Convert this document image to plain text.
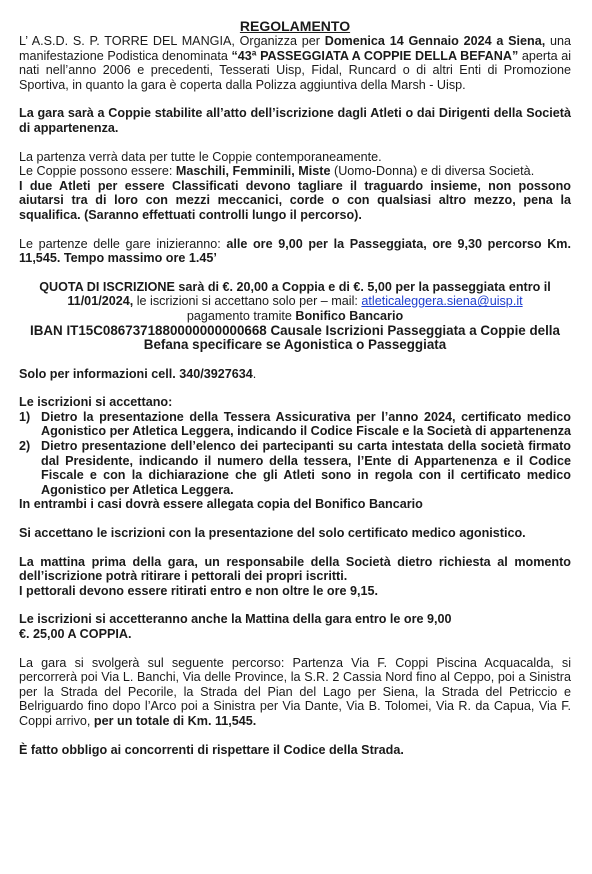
REGOLAMENTO

L’ A.S.D. S. P. TORRE DEL MANGIA, Organizza per Domenica 14 Gennaio 2024 a Siena, una manifestazione Podistica denominata “43ª PASSEGGIATA A COPPIE DELLA BEFANA” aperta ai nati nell’anno 2006 e precedenti, Tesserati Uisp, Fidal, Runcard o di altri Enti di Promozione Sportiva, in quanto la gara è coperta dalla Polizza aggiuntiva della Marsh - Uisp.

La gara sarà a Coppie stabilite all’atto dell’iscrizione dagli Atleti o dai Dirigenti della Società di appartenenza.

La partenza verrà data per tutte le Coppie contemporaneamente.

Le Coppie possono essere: Maschili, Femminili, Miste (Uomo-Donna) e di diversa Società.

I due Atleti per essere Classificati devono tagliare il traguardo insieme, non possono aiutarsi tra di loro con mezzi meccanici, corde o con qualsiasi altro mezzo, pena la squalifica. (Saranno effettuati controlli lungo il percorso).

Le partenze delle gare inizieranno: alle ore 9,00 per la Passeggiata, ore 9,30 percorso Km. 11,545. Tempo massimo ore 1.45’

QUOTA DI ISCRIZIONE sarà di €. 20,00 a Coppia e di €. 5,00 per la passeggiata entro il 11/01/2024, le iscrizioni si accettano solo per – mail: atleticaleggera.siena@uisp.it

pagamento tramite Bonifico Bancario

IBAN IT15C0867371880000000000668 Causale Iscrizioni Passeggiata a Coppie della Befana specificare se Agonistica o Passeggiata

Solo per informazioni cell. 340/3927634.

Le iscrizioni si accettano:

1) Dietro la presentazione della Tessera Assicurativa per l’anno 2024, certificato medico Agonistico per Atletica Leggera, indicando il Codice Fiscale e la Società di appartenenza
2) Dietro presentazione dell’elenco dei partecipanti su carta intestata della società firmato dal Presidente, indicando il numero della tessera, l’Ente di Appartenenza e il Codice Fiscale e con la dichiarazione che gli Atleti sono in regola con il certificato medico Agonistico per Atletica Leggera.

In entrambi i casi dovrà essere allegata copia del Bonifico Bancario

Si accettano le iscrizioni con la presentazione del solo certificato medico agonistico.

La mattina prima della gara, un responsabile della Società dietro richiesta al momento dell’iscrizione potrà ritirare i pettorali dei propri iscritti.

I pettorali devono essere ritirati entro e non oltre le ore 9,15.

Le iscrizioni si accetteranno anche la Mattina della gara entro le ore 9,00

€. 25,00 A COPPIA.

La gara si svolgerà sul seguente percorso: Partenza Via F. Coppi Piscina Acquacalda, si percorrerà poi Via L. Banchi, Via delle Province, la S.R. 2 Cassia Nord fino al Ceppo, poi a Sinistra per la Strada del Pecorile, la Strada del Pian del Lago per Siena, la Strada del Petriccio e Belriguardo fino dopo l’Arco poi a Sinistra per Via Dante, Via B. Tolomei, Via R. da Capua, Via F. Coppi arrivo, per un totale di Km. 11,545.

È fatto obbligo ai concorrenti di rispettare il Codice della Strada.
